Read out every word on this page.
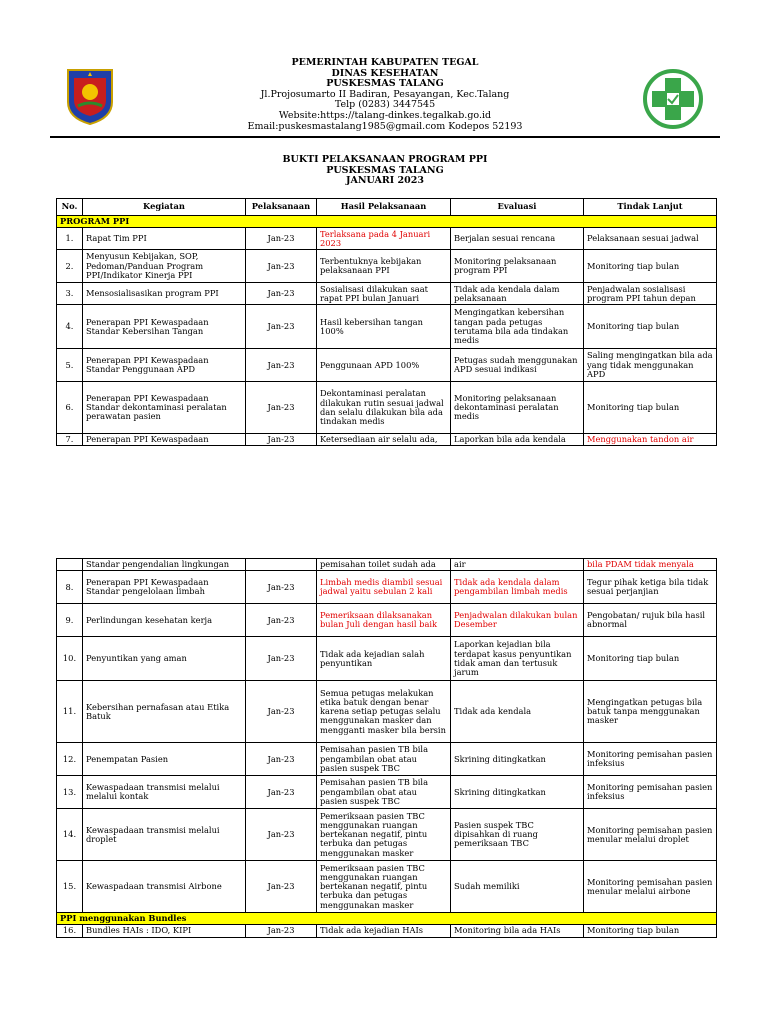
PEMERINTAH KABUPATEN TEGAL
DINAS KESEHATAN
PUSKESMAS TALANG
Jl.Projosumarto II Badiran, Pesayangan, Kec.Talang
Telp (0283) 3447545
Website:https://talang-dinkes.tegalkab.go.id
Email:puskesmastalang1985@gmail.com Kodepos 52193
BUKTI PELAKSANAAN PROGRAM PPI
PUSKESMAS TALANG
JANUARI 2023
No.	Kegiatan	Pelaksanaan	Hasil Pelaksanaan	Evaluasi	Tindak Lanjut
PROGRAM PPI					
1.	Rapat Tim PPI	Jan-23	Terlaksana pada 4 Januari 2023	Berjalan sesuai rencana	Pelaksanaan sesuai jadwal
2.	Menyusun Kebijakan, SOP, Pedoman/Panduan Program PPI/Indikator Kinerja PPI	Jan-23	Terbentuknya kebijakan pelaksanaan PPI	Monitoring pelaksanaan program PPI	Monitoring tiap bulan
3.	Mensosialisasikan program PPI	Jan-23	Sosialisasi dilakukan saat rapat PPI bulan Januari	Tidak ada kendala dalam pelaksanaan	Penjadwalan sosialisasi program PPI tahun depan
4.	Penerapan PPI Kewaspadaan Standar Kebersihan Tangan	Jan-23	Hasil kebersihan tangan 100%	Mengingatkan kebersihan tangan pada petugas terutama bila ada tindakan medis	Monitoring tiap bulan
5.	Penerapan PPI Kewaspadaan Standar Penggunaan APD	Jan-23	Penggunaan APD 100%	Petugas sudah menggunakan APD sesuai indikasi	Saling mengingatkan bila ada yang tidak menggunakan APD
6.	Penerapan PPI Kewaspadaan Standar dekontaminasi peralatan perawatan pasien	Jan-23	Dekontaminasi peralatan dilakukan rutin sesuai jadwal dan selalu dilakukan bila ada tindakan medis	Monitoring pelaksanaan dekontaminasi peralatan medis	Monitoring tiap bulan
7.	Penerapan PPI Kewaspadaan	Jan-23	Ketersediaan air selalu ada,	Laporkan bila ada kendala	Menggunakan tandon air
	Standar pengendalian lingkungan		pemisahan toilet sudah ada	air	bila PDAM tidak menyala
8.	Penerapan PPI Kewaspadaan Standar pengelolaan limbah	Jan-23	Limbah medis diambil sesuai jadwal yaitu sebulan 2 kali	Tidak ada kendala dalam pengambilan limbah medis	Tegur pihak ketiga bila tidak sesuai perjanjian
9.	Perlindungan kesehatan kerja	Jan-23	Pemeriksaan dilaksanakan bulan Juli dengan hasil baik	Penjadwalan dilakukan bulan Desember	Pengobatan/ rujuk bila hasil abnormal
10.	Penyuntikan yang aman	Jan-23	Tidak ada kejadian salah penyuntikan	Laporkan kejadian bila terdapat kasus penyuntikan tidak aman dan tertusuk jarum	Monitoring tiap bulan
11.	Kebersihan pernafasan atau Etika Batuk	Jan-23	Semua petugas melakukan etika batuk dengan benar karena setiap petugas selalu menggunakan masker dan mengganti masker bila bersin	Tidak ada kendala	Mengingatkan petugas bila batuk tanpa menggunakan masker
12.	Penempatan Pasien	Jan-23	Pemisahan pasien TB bila pengambilan obat atau pasien suspek TBC	Skrining ditingkatkan	Monitoring pemisahan pasien infeksius
13.	Kewaspadaan transmisi melalui melalui kontak	Jan-23	Pemisahan pasien TB bila pengambilan obat atau pasien suspek TBC	Skrining ditingkatkan	Monitoring pemisahan pasien infeksius
14.	Kewaspadaan transmisi melalui droplet	Jan-23	Pemeriksaan pasien TBC menggunakan ruangan bertekanan negatif, pintu terbuka dan petugas menggunakan masker	Pasien suspek TBC dipisahkan di ruang pemeriksaan TBC	Monitoring pemisahan pasien menular melalui droplet
15.	Kewaspadaan transmisi Airbone	Jan-23	Pemeriksaan pasien TBC menggunakan ruangan bertekanan negatif, pintu terbuka dan petugas menggunakan masker	Sudah memiliki	Monitoring pemisahan pasien menular melalui airbone
PPI menggunakan Bundles					
16.	Bundles HAIs : IDO, KIPI	Jan-23	Tidak ada kejadian HAIs	Monitoring bila ada HAIs	Monitoring tiap bulan
